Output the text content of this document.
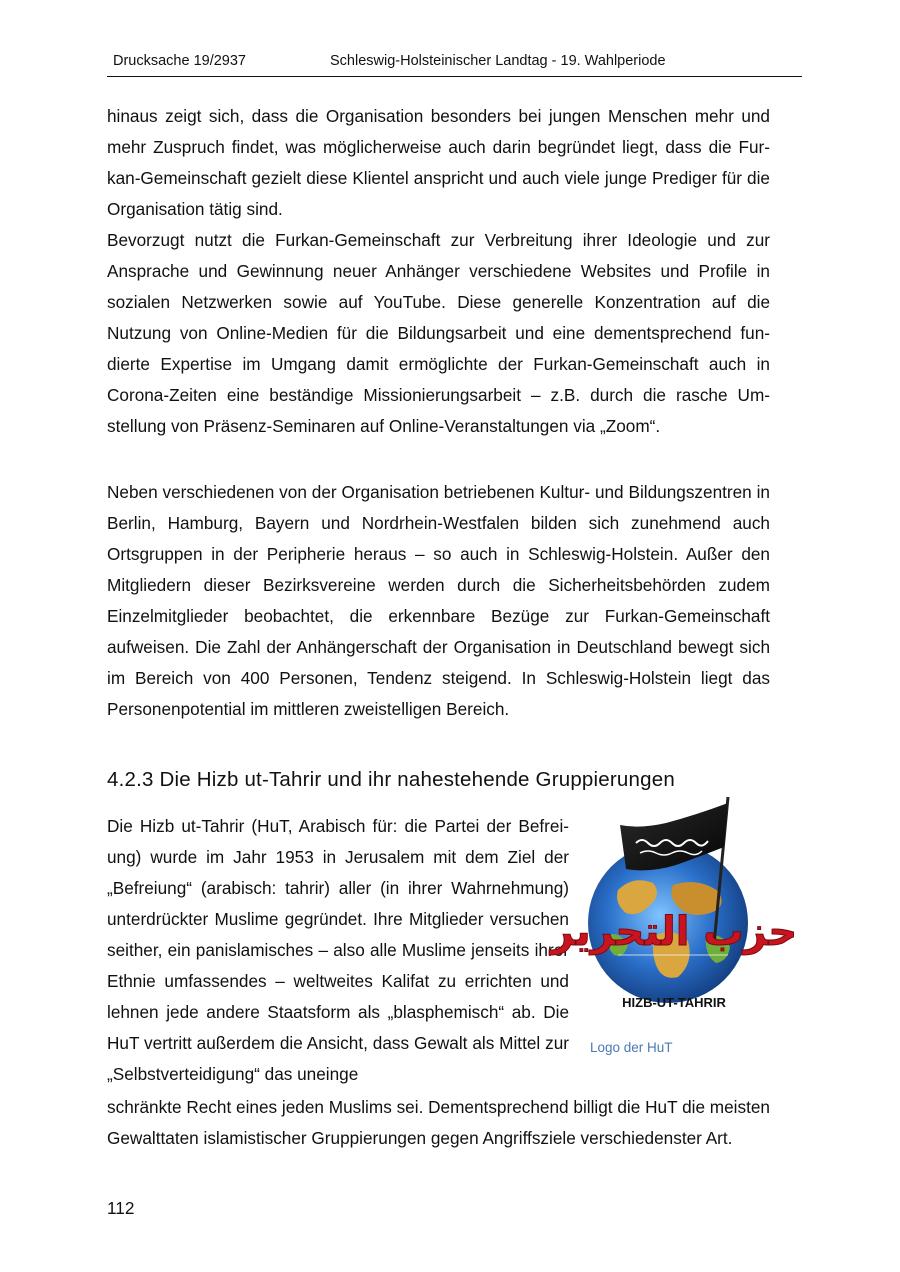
Drucksache 19/2937	Schleswig-Holsteinischer Landtag - 19. Wahlperiode

hinaus zeigt sich, dass die Organisation besonders bei jungen Menschen mehr und mehr Zuspruch findet, was möglicherweise auch darin begründet liegt, dass die Furkan-Gemeinschaft gezielt diese Klientel anspricht und auch viele junge Prediger für die Organisation tätig sind.
Bevorzugt nutzt die Furkan-Gemeinschaft zur Verbreitung ihrer Ideologie und zur Ansprache und Gewinnung neuer Anhänger verschiedene Websites und Profile in sozialen Netzwerken sowie auf YouTube. Diese generelle Konzentration auf die Nutzung von Online-Medien für die Bildungsarbeit und eine dementsprechend fundierte Expertise im Umgang damit ermöglichte der Furkan-Gemeinschaft auch in Corona-Zeiten eine beständige Missionierungsarbeit – z.B. durch die rasche Umstellung von Präsenz-Seminaren auf Online-Veranstaltungen via „Zoom“.

Neben verschiedenen von der Organisation betriebenen Kultur- und Bildungszentren in Berlin, Hamburg, Bayern und Nordrhein-Westfalen bilden sich zunehmend auch Ortsgruppen in der Peripherie heraus – so auch in Schleswig-Holstein. Außer den Mitgliedern dieser Bezirksvereine werden durch die Sicherheitsbehörden zudem Einzelmitglieder beobachtet, die erkennbare Bezüge zur Furkan-Gemeinschaft aufweisen. Die Zahl der Anhängerschaft der Organisation in Deutschland bewegt sich im Bereich von 400 Personen, Tendenz steigend. In Schleswig-Holstein liegt das Personenpotential im mittleren zweistelligen Bereich.

4.2.3 Die Hizb ut-Tahrir und ihr nahestehende Gruppierungen

Die Hizb ut-Tahrir (HuT, Arabisch für: die Partei der Befreiung) wurde im Jahr 1953 in Jerusalem mit dem Ziel der „Befreiung“ (arabisch: tahrir) aller (in ihrer Wahrnehmung) unterdrückter Muslime gegründet. Ihre Mitglieder versuchen seither, ein panislamisches – also alle Muslime jenseits ihrer Ethnie umfassendes – weltweites Kalifat zu errichten und lehnen jede andere Staatsform als „blasphemisch“ ab. Die HuT vertritt außerdem die Ansicht, dass Gewalt als Mittel zur „Selbstverteidigung“ das uneinge

حزب التحرير
HIZB-UT-TAHRIR
Logo der HuT

schränkte Recht eines jeden Muslims sei. Dementsprechend billigt die HuT die meisten Gewalttaten islamistischer Gruppierungen gegen Angriffsziele verschiedenster Art.

112
